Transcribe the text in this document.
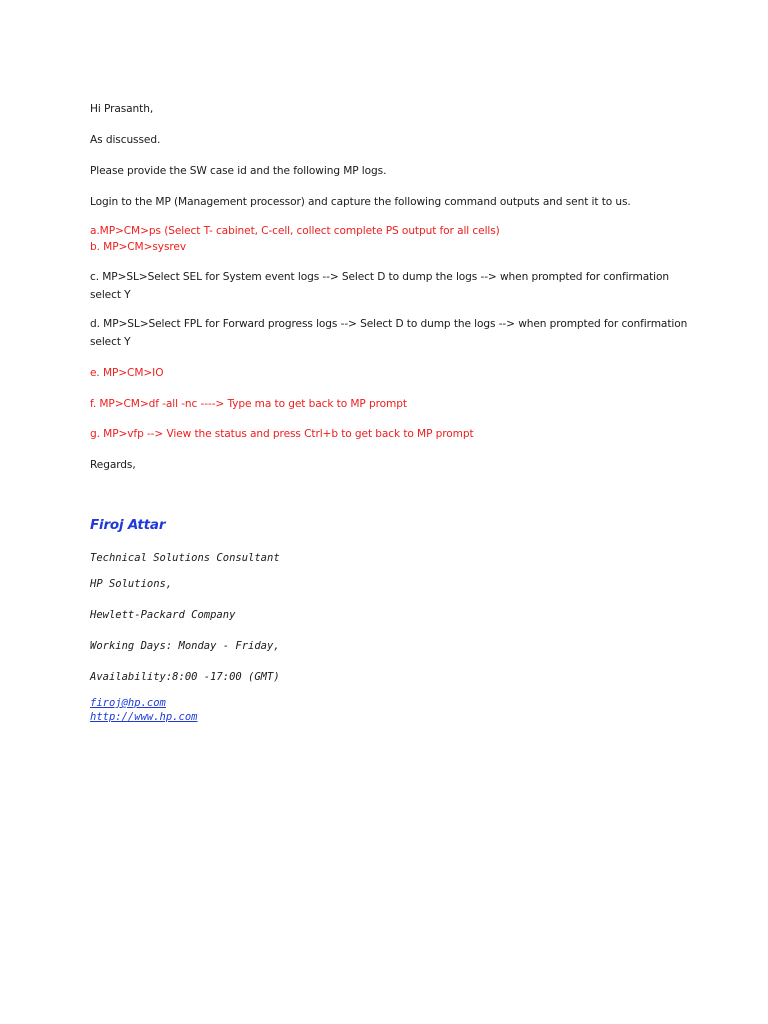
Hi Prasanth,
As discussed.
Please provide the SW case id and the following MP logs.
Login to the MP (Management processor) and capture the following command outputs and sent it to us.
a.MP>CM>ps (Select T- cabinet, C-cell, collect complete PS output for all cells)
b. MP>CM>sysrev
c. MP>SL>Select SEL for System event logs --> Select D to dump the logs --> when prompted for confirmation select Y
d. MP>SL>Select FPL for Forward progress logs --> Select D to dump the logs --> when prompted for confirmation select Y
e. MP>CM>IO
f. MP>CM>df -all -nc ----> Type ma to get back to MP prompt
g. MP>vfp --> View the status and press Ctrl+b to get back to MP prompt
Regards,
Firoj Attar
Technical Solutions Consultant
HP Solutions,
Hewlett-Packard Company
Working Days: Monday - Friday,
Availability:8:00 -17:00 (GMT)
firoj@hp.com
http://www.hp.com
